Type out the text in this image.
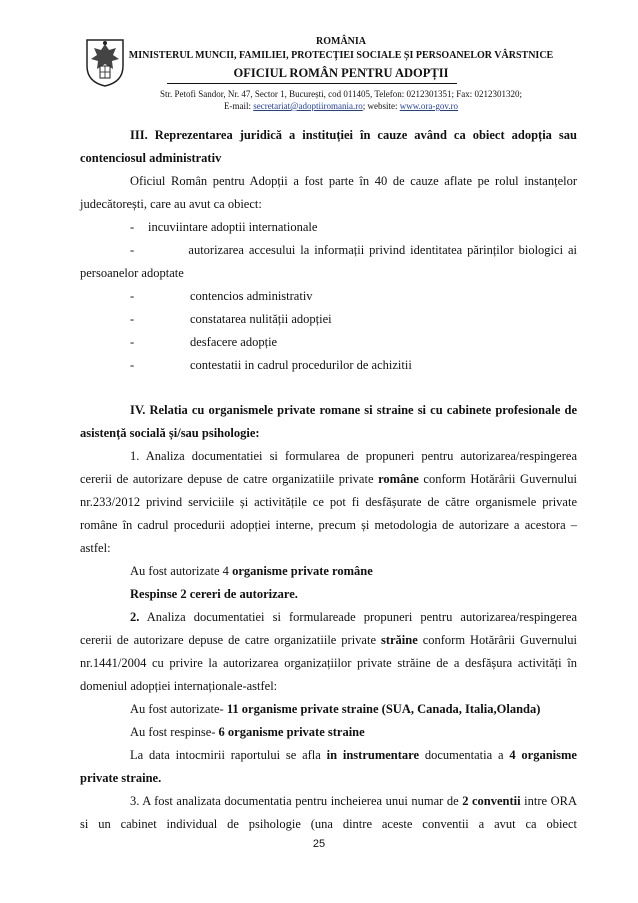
ROMÂNIA
MINISTERUL MUNCII, FAMILIEI, PROTECȚIEI SOCIALE ȘI PERSOANELOR VÂRSTNICE
OFICIUL ROMÂN PENTRU ADOPȚII
Str. Petofi Sandor, Nr. 47, Sector 1, București, cod 011405, Telefon: 0212301351; Fax: 0212301320;
E-mail: secretariat@adoptiiromania.ro; website: www.ora-gov.ro

III. Reprezentarea juridică a instituției în cauze având ca obiect adopția sau contenciosul administrativ

Oficiul Român pentru Adopții a fost parte în 40 de cauze aflate pe rolul instanțelor judecătorești, care au avut ca obiect:

- incuviintare adoptii internationale
-           autorizarea accesului la informații privind identitatea părinților biologici ai persoanelor adoptate
-	contencios administrativ
-	constatarea nulității adopției
-	desfacere adopție
-	contestatii in cadrul procedurilor de achizitii

IV. Relatia cu organismele private romane si straine si cu cabinete profesionale de asistență socială și/sau psihologie:

1. Analiza documentatiei si formularea de propuneri pentru autorizarea/respingerea cererii de autorizare depuse de catre organizatiile private române conform Hotărârii Guvernului nr.233/2012 privind serviciile și activitățile ce pot fi desfășurate de către organismele private române în cadrul procedurii adopției interne, precum și metodologia de autorizare a acestora – astfel:

Au fost autorizate 4 organisme private române

Respinse 2 cereri de autorizare.

2. Analiza documentatiei si formulareade propuneri pentru autorizarea/respingerea cererii de autorizare depuse de catre organizatiile private străine conform Hotărârii Guvernului nr.1441/2004 cu privire la autorizarea organizațiilor private străine de a desfășura activități în domeniul adopției internaționale-astfel:

Au fost autorizate- 11 organisme private straine (SUA, Canada, Italia,Olanda)

Au fost respinse- 6 organisme private straine

La data intocmirii raportului se afla in instrumentare documentatia a 4 organisme private straine.

3. A fost analizata documentatia pentru incheierea unui numar de 2 conventii intre ORA si un cabinet individual de psihologie (una dintre aceste conventii a avut ca obiect

25
